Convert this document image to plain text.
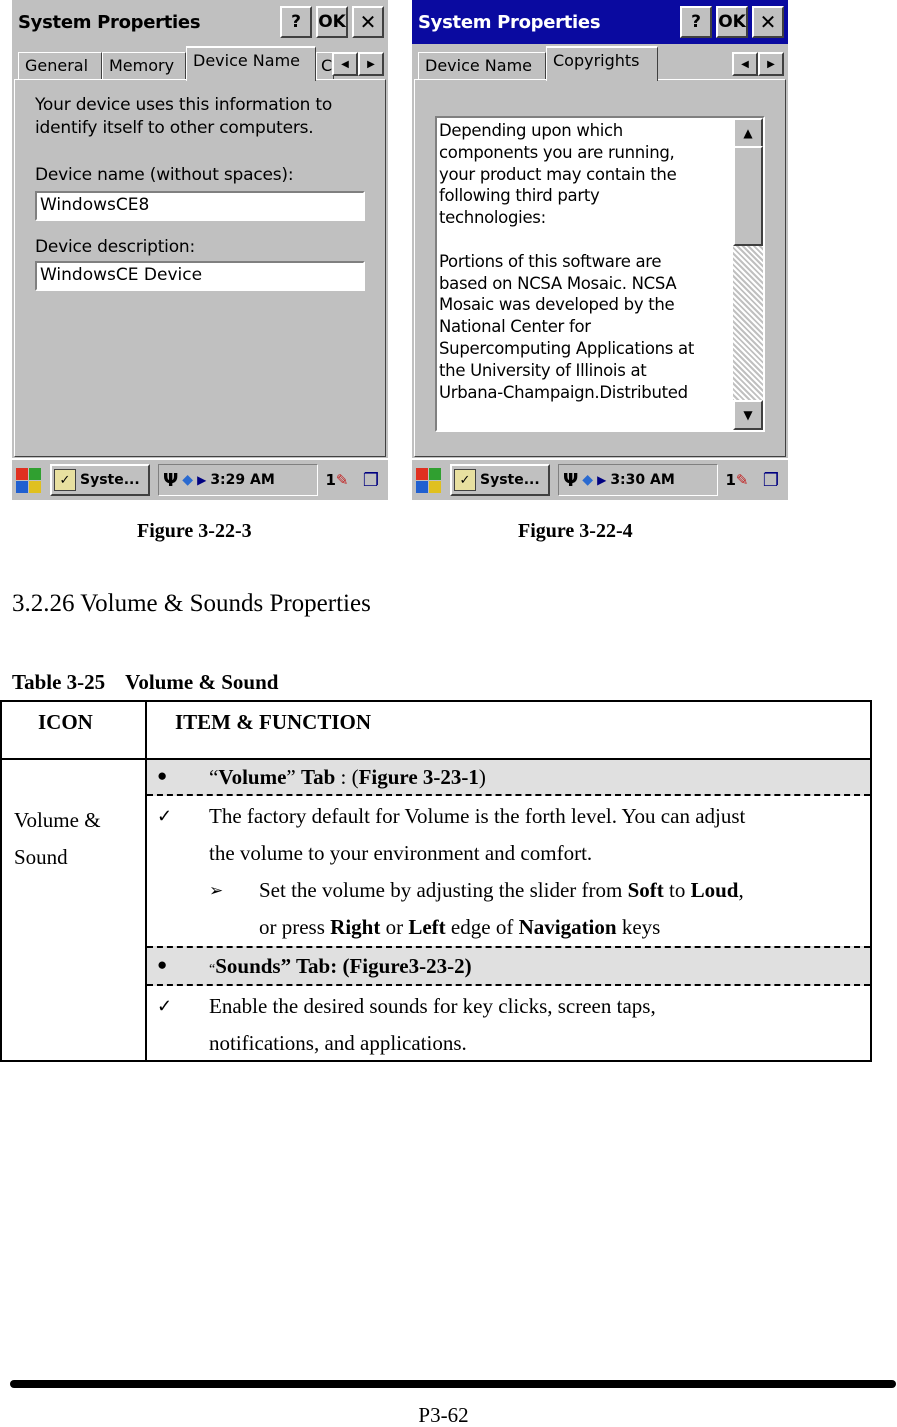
System Properties	?	OK ✕
General	Memory	Device Name	C ◀	▶
Your device uses this information to
identify itself to other computers.
Device name (without spaces):
WindowsCE8
Device description:
WindowsCE Device
✓ Syste... Ψ ◆ ▶ 3:29 AM	1 ✎ ❐
System Properties	?	OK ✕
Device Name	Copyrights	◀	▶
Depending upon which
components you are running,
your product may contain the
following third party
technologies:
Portions of this software are
based on NCSA Mosaic. NCSA
Mosaic was developed by the
National Center for
Supercomputing Applications at
the University of Illinois at
Urbana-Champaign.Distributed
▲
▼
✓ Syste... Ψ ◆ ▶ 3:30 AM	1 ✎ ❐
Figure 3-22-3	Figure 3-22-4
3.2.26 Volume & Sounds Properties
Table 3-25 Volume & Sound
ICON	ITEM & FUNCTION
Volume &
Sound
● “Volume” Tab : (Figure 3-23-1)
✓ The factory default for Volume is the forth level. You can adjust
the volume to your environment and comfort.
➢ Set the volume by adjusting the slider from Soft to Loud,
or press Right or Left edge of Navigation keys
●	“Sounds” Tab: (Figure3-23-2)
✓ Enable the desired sounds for key clicks, screen taps,
notifications, and applications.
P3-62
